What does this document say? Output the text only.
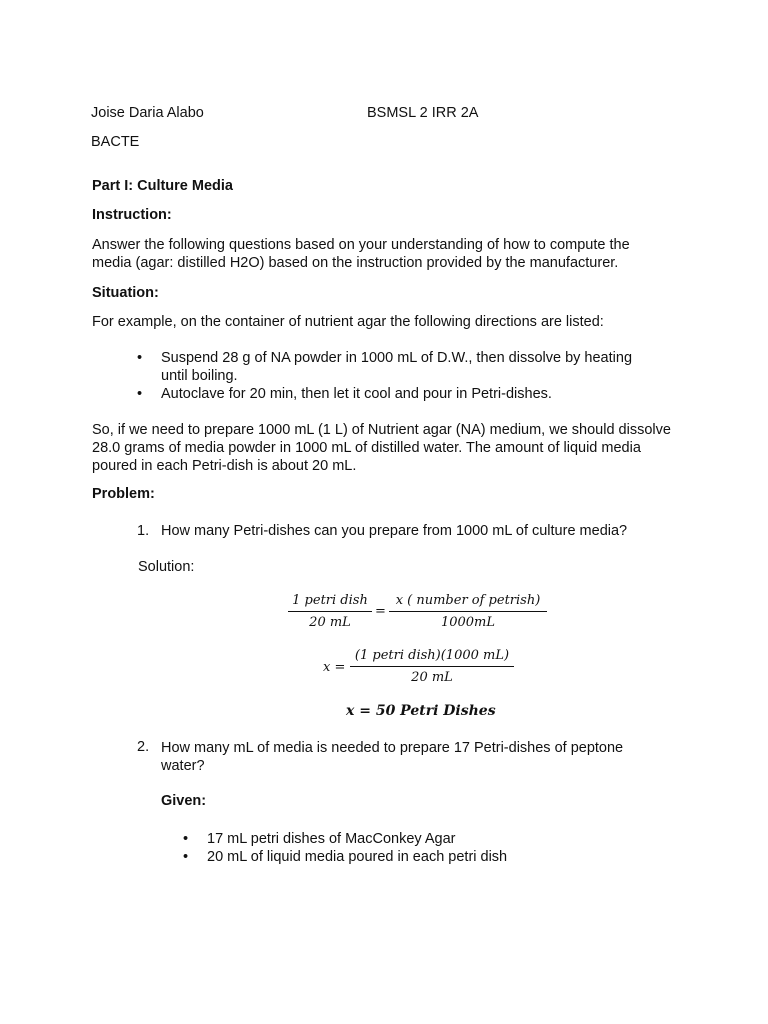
Joise Daria Alabo	BSMSL 2 IRR 2A
BACTE
Part I: Culture Media
Instruction:
Answer the following questions based on your understanding of how to compute the media (agar: distilled H2O) based on the instruction provided by the manufacturer.
Situation:
For example, on the container of nutrient agar the following directions are listed:
• Suspend 28 g of NA powder in 1000 mL of D.W., then dissolve by heating until boiling.
• Autoclave for 20 min, then let it cool and pour in Petri-dishes.
So, if we need to prepare 1000 mL (1 L) of Nutrient agar (NA) medium, we should dissolve 28.0 grams of media powder in 1000 mL of distilled water. The amount of liquid media poured in each Petri-dish is about 20 mL.
Problem:
1. How many Petri-dishes can you prepare from 1000 mL of culture media?
Solution:
1 petri dish
20 mL
=
x ( number of petrish)
1000mL
x =
(1 petri dish)(1000 mL)
20 mL
x = 50 Petri Dishes
2. How many mL of media is needed to prepare 17 Petri-dishes of peptone water?
Given:
• 17 mL petri dishes of MacConkey Agar
• 20 mL of liquid media poured in each petri dish
